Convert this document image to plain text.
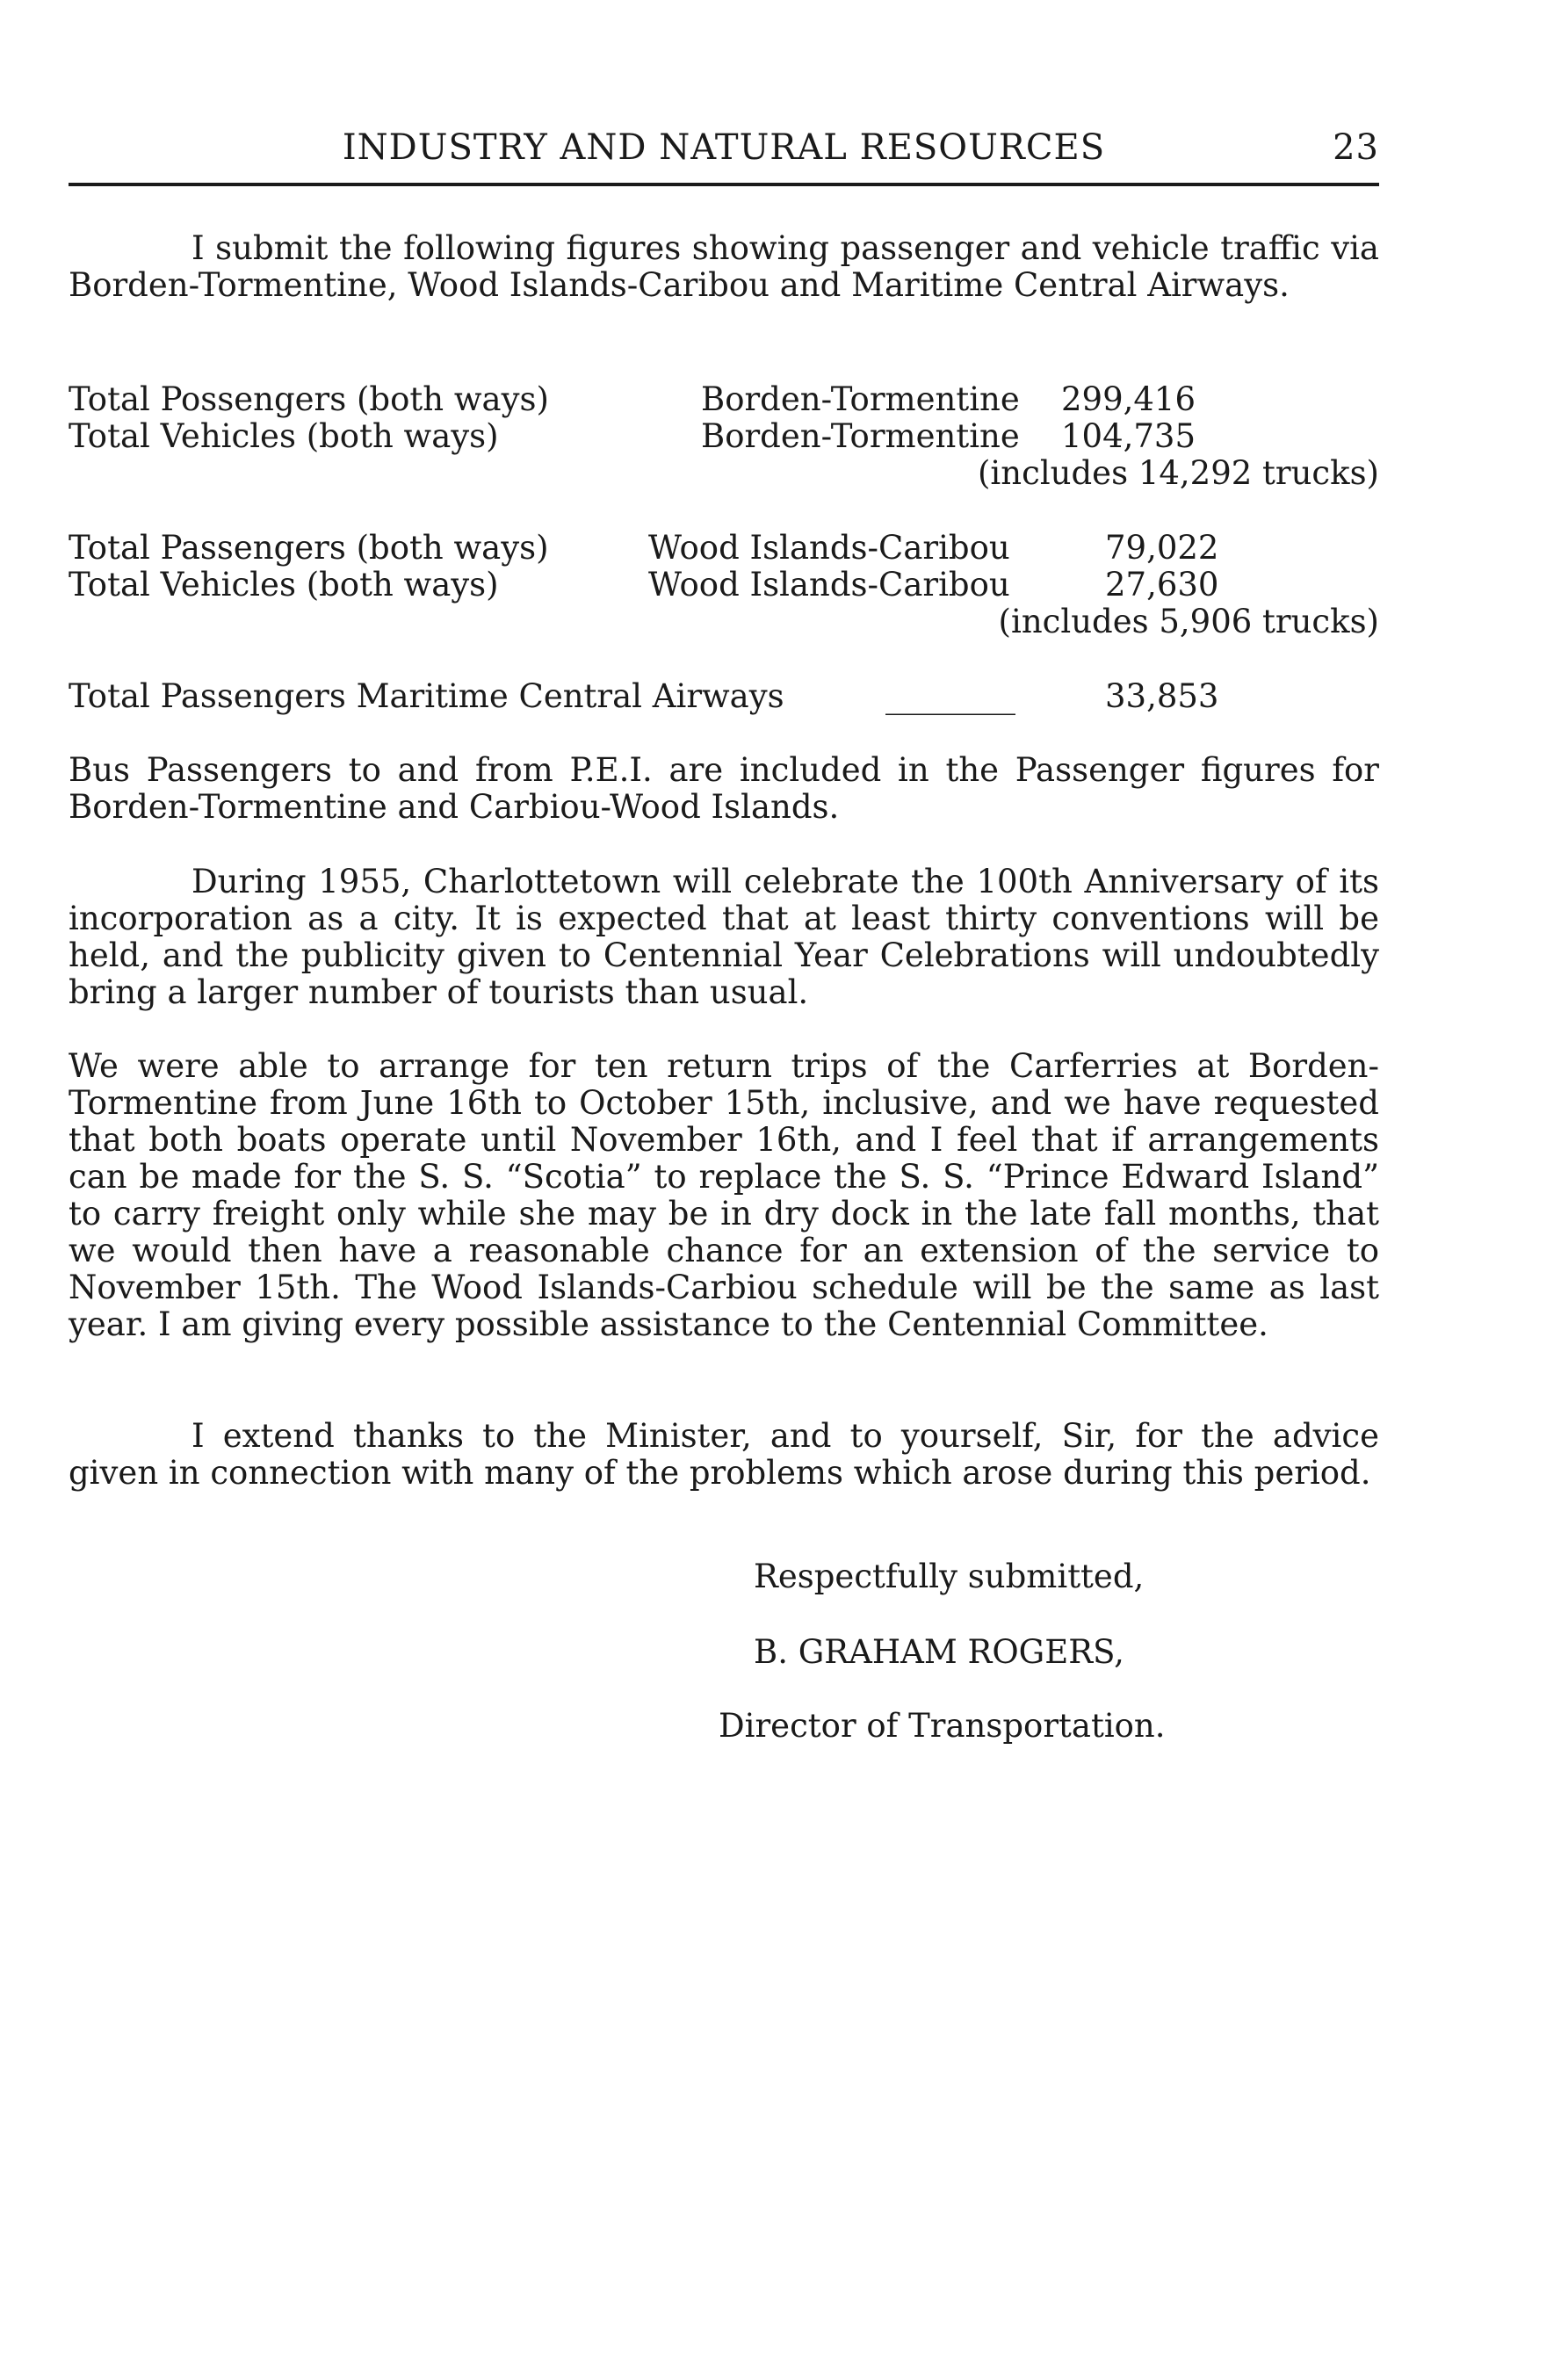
INDUSTRY AND NATURAL RESOURCES	23

I submit the following figures showing passenger and vehicle traffic via Borden-Tormentine, Wood Islands-Caribou and Maritime Central Airways.

Total Possengers (both ways)	Borden-Tormentine 299,416
Total Vehicles (both ways)	Borden-Tormentine 104,735
(includes 14,292 trucks)
Total Passengers (both ways)	Wood Islands-Caribou	79,022
Total Vehicles (both ways)	Wood Islands-Caribou	27,630
(includes 5,906 trucks)
Total Passengers Maritime Central Airways	________	33,853

Bus Passengers to and from P.E.I. are included in the Passenger figures for Borden-Tormentine and Carbiou-Wood Islands.

During 1955, Charlottetown will celebrate the 100th Anniversary of its incorporation as a city. It is expected that at least thirty conventions will be held, and the publicity given to Centennial Year Celebrations will undoubtedly bring a larger number of tourists than usual.

We were able to arrange for ten return trips of the Carferries at Borden-Tormentine from June 16th to October 15th, inclusive, and we have requested that both boats operate until November 16th, and I feel that if arrangements can be made for the S. S. “Scotia” to replace the S. S. “Prince Edward Island” to carry freight only while she may be in dry dock in the late fall months, that we would then have a reasonable chance for an extension of the service to November 15th. The Wood Islands-Carbiou schedule will be the same as last year. I am giving every possible assistance to the Centennial Committee.

I extend thanks to the Minister, and to yourself, Sir, for the advice given in connection with many of the problems which arose during this period.

Respectfully submitted,
B. GRAHAM ROGERS,
Director of Transportation.
